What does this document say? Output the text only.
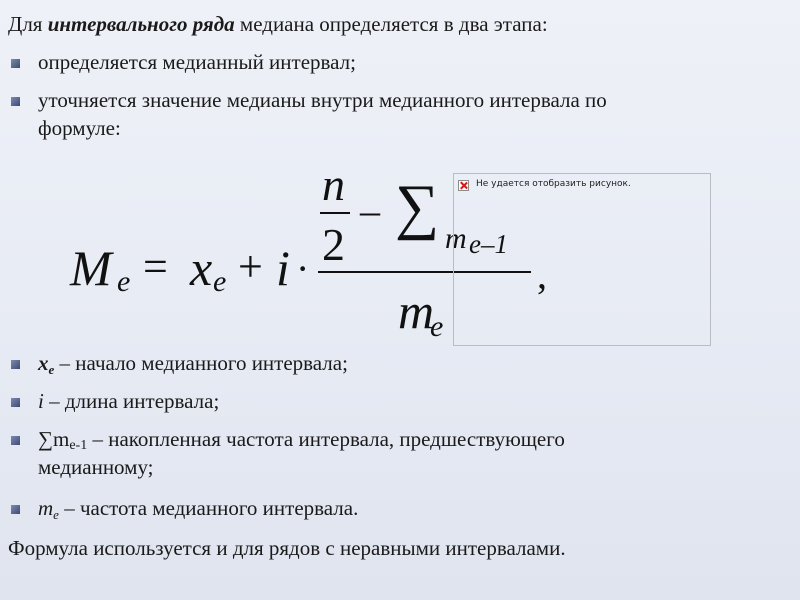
Для интервального ряда медиана определяется в два этапа:
определяется медианный интервал;
уточняется значение медианы внутри медианного интервала по
формуле:
M e = x e + i ·
n
2
– ∑ m e–1
m
e
,
Не удается отобразить рисунок.
$x_e$ – начало медианного интервала;
i – длина интервала;
∑me-1 – накопленная частота интервала, предшествующего
медианному;
$m_e$ – частота медианного интервала.
Формула используется и для рядов с неравными интервалами.
